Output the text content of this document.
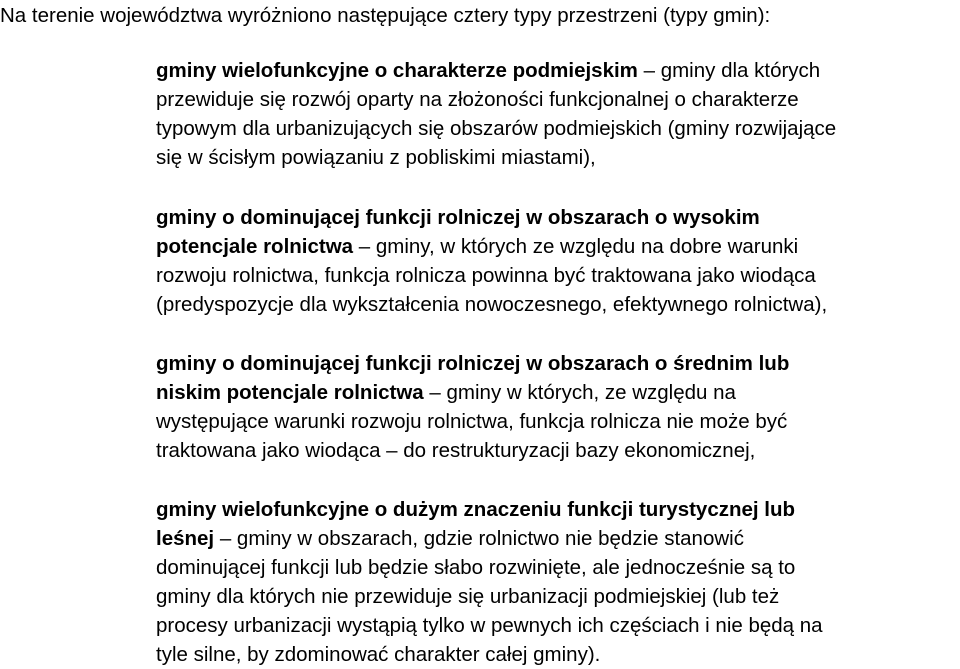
Na terenie województwa wyróżniono następujące cztery typy przestrzeni (typy gmin):
gminy wielofunkcyjne o charakterze podmiejskim – gminy dla których
przewiduje się rozwój oparty na złożoności funkcjonalnej o charakterze
typowym dla urbanizujących się obszarów podmiejskich (gminy rozwijające
się w ścisłym powiązaniu z pobliskimi miastami),
gminy o dominującej funkcji rolniczej w obszarach o wysokim
potencjale rolnictwa – gminy, w których ze względu na dobre warunki
rozwoju rolnictwa, funkcja rolnicza powinna być traktowana jako wiodąca
(predyspozycje dla wykształcenia nowoczesnego, efektywnego rolnictwa),
gminy o dominującej funkcji rolniczej w obszarach o średnim lub
niskim potencjale rolnictwa – gminy w których, ze względu na
występujące warunki rozwoju rolnictwa, funkcja rolnicza nie może być
traktowana jako wiodąca – do restrukturyzacji bazy ekonomicznej,
gminy wielofunkcyjne o dużym znaczeniu funkcji turystycznej lub
leśnej – gminy w obszarach, gdzie rolnictwo nie będzie stanowić
dominującej funkcji lub będzie słabo rozwinięte, ale jednocześnie są to
gminy dla których nie przewiduje się urbanizacji podmiejskiej (lub też
procesy urbanizacji wystąpią tylko w pewnych ich częściach i nie będą na
tyle silne, by zdominować charakter całej gminy).
